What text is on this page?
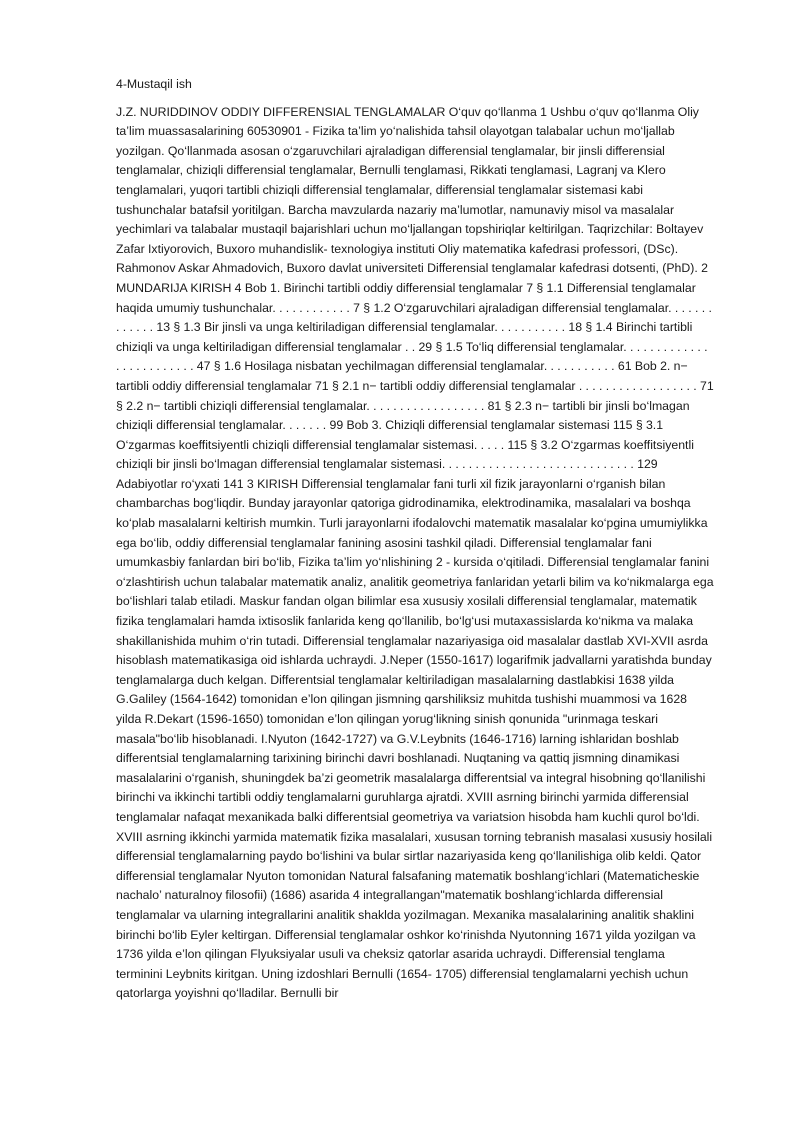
4-Mustaqil ish

J.Z. NURIDDINOV ODDIY DIFFERENSIAL TENGLAMALAR O‘quv qo‘llanma 1 Ushbu o‘quv qo‘llanma Oliy ta’lim muassasalarining 60530901 - Fizika ta’lim yo‘nalishida tahsil olayotgan talabalar uchun mo‘ljallab yozilgan. Qo‘llanmada asosan o‘zgaruvchilari ajraladigan differensial tenglamalar, bir jinsli differensial tenglamalar, chiziqli differensial tenglamalar, Bernulli tenglamasi, Rikkati tenglamasi, Lagranj va Klero tenglamalari, yuqori tartibli chiziqli differensial tenglamalar, differensial tenglamalar sistemasi kabi tushunchalar batafsil yoritilgan. Barcha mavzularda nazariy ma’lumotlar, namunaviy misol va masalalar yechimlari va talabalar mustaqil bajarishlari uchun mo‘ljallangan topshiriqlar keltirilgan. Taqrizchilar: Boltayev Zafar Ixtiyorovich, Buxoro muhandislik- texnologiya instituti Oliy matematika kafedrasi professori, (DSc). Rahmonov Askar Ahmadovich, Buxoro davlat universiteti Differensial tenglamalar kafedrasi dotsenti, (PhD). 2 MUNDARIJA KIRISH 4 Bob 1. Birinchi tartibli oddiy differensial tenglamalar 7 § 1.1 Differensial tenglamalar haqida umumiy tushunchalar. . . . . . . . . . . . 7 § 1.2 O‘zgaruvchilari ajraladigan differensial tenglamalar. . . . . . . . . . . . . 13 § 1.3 Bir jinsli va unga keltiriladigan differensial tenglamalar. . . . . . . . . . . 18 § 1.4 Birinchi tartibli chiziqli va unga keltiriladigan differensial tenglamalar . . 29 § 1.5 To‘liq differensial tenglamalar. . . . . . . . . . . . . . . . . . . . . . . . . 47 § 1.6 Hosilaga nisbatan yechilmagan differensial tenglamalar. . . . . . . . . . . 61 Bob 2. n− tartibli oddiy differensial tenglamalar 71 § 2.1 n− tartibli oddiy differensial tenglamalar . . . . . . . . . . . . . . . . . . 71 § 2.2 n− tartibli chiziqli differensial tenglamalar. . . . . . . . . . . . . . . . . . 81 § 2.3 n− tartibli bir jinsli bo‘lmagan chiziqli differensial tenglamalar. . . . . . . 99 Bob 3. Chiziqli differensial tenglamalar sistemasi 115 § 3.1 O‘zgarmas koeffitsiyentli chiziqli differensial tenglamalar sistemasi. . . . . 115 § 3.2 O‘zgarmas koeffitsiyentli chiziqli bir jinsli bo‘lmagan differensial tenglamalar sistemasi. . . . . . . . . . . . . . . . . . . . . . . . . . . . . 129 Adabiyotlar ro‘yxati 141 3 KIRISH Differensial tenglamalar fani turli xil fizik jarayonlarni o‘rganish bilan chambarchas bog‘liqdir. Bunday jarayonlar qatoriga gidrodinamika, elektrodinamika, masalalari va boshqa ko‘plab masalalarni keltirish mumkin. Turli jarayonlarni ifodalovchi matematik masalalar ko‘pgina umumiylikka ega bo‘lib, oddiy differensial tenglamalar fanining asosini tashkil qiladi. Differensial tenglamalar fani umumkasbiy fanlardan biri bo‘lib, Fizika ta’lim yo‘nlishining 2 - kursida o‘qitiladi. Differensial tenglamalar fanini o‘zlashtirish uchun talabalar matematik analiz, analitik geometriya fanlaridan yetarli bilim va ko‘nikmalarga ega bo‘lishlari talab etiladi. Maskur fandan olgan bilimlar esa xususiy xosilali differensial tenglamalar, matematik fizika tenglamalari hamda ixtisoslik fanlarida keng qo‘llanilib, bo‘lg‘usi mutaxassislarda ko‘nikma va malaka shakillanishida muhim o‘rin tutadi. Differensial tenglamalar nazariyasiga oid masalalar dastlab XVI-XVII asrda hisoblash matematikasiga oid ishlarda uchraydi. J.Neper (1550-1617) logarifmik jadvallarni yaratishda bunday tenglamalarga duch kelgan. Differentsial tenglamalar keltiriladigan masalalarning dastlabkisi 1638 yilda G.Galiley (1564-1642) tomonidan e’lon qilingan jismning qarshiliksiz muhitda tushishi muammosi va 1628 yilda R.Dekart (1596-1650) tomonidan e’lon qilingan yorug‘likning sinish qonunida "urinmaga teskari masala"bo‘lib hisoblanadi. I.Nyuton (1642-1727) va G.V.Leybnits (1646-1716) larning ishlaridan boshlab differentsial tenglamalarning tarixining birinchi davri boshlanadi. Nuqtaning va qattiq jismning dinamikasi masalalarini o‘rganish, shuningdek ba’zi geometrik masalalarga differentsial va integral hisobning qo‘llanilishi birinchi va ikkinchi tartibli oddiy tenglamalarni guruhlarga ajratdi. XVIII asrning birinchi yarmida differensial tenglamalar nafaqat mexanikada balki differentsial geometriya va variatsion hisobda ham kuchli qurol bo‘ldi. XVIII asrning ikkinchi yarmida matematik fizika masalalari, xususan torning tebranish masalasi xususiy hosilali differensial tenglamalarning paydo bo‘lishini va bular sirtlar nazariyasida keng qo‘llanilishiga olib keldi. Qator differensial tenglamalar Nyuton tomonidan Natural falsafaning matematik boshlang‘ichlari (Matematicheskie nachalo’ naturalnoy filosofii) (1686) asarida 4 integrallangan"matematik boshlang‘ichlarda differensial tenglamalar va ularning integrallarini analitik shaklda yozilmagan. Mexanika masalalarining analitik shaklini birinchi bo‘lib Eyler keltirgan. Differensial tenglamalar oshkor ko‘rinishda Nyutonning 1671 yilda yozilgan va 1736 yilda e’lon qilingan Flyuksiyalar usuli va cheksiz qatorlar asarida uchraydi. Differensial tenglama terminini Leybnits kiritgan. Uning izdoshlari Bernulli (1654- 1705) differensial tenglamalarni yechish uchun qatorlarga yoyishni qo‘lladilar. Bernulli bir
